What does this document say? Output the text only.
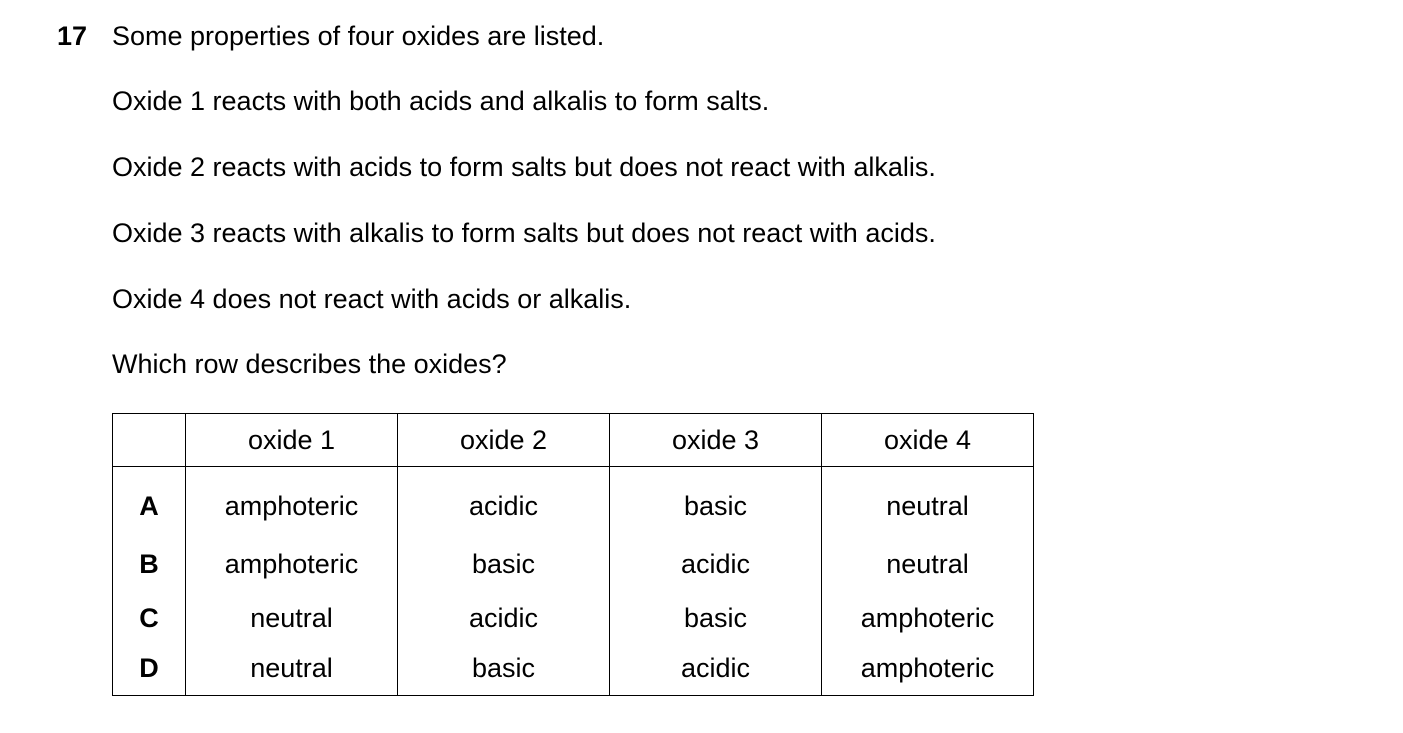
17 Some properties of four oxides are listed.
Oxide 1 reacts with both acids and alkalis to form salts.
Oxide 2 reacts with acids to form salts but does not react with alkalis.
Oxide 3 reacts with alkalis to form salts but does not react with acids.
Oxide 4 does not react with acids or alkalis.
Which row describes the oxides?
	oxide 1	oxide 2	oxide 3	oxide 4
A	amphoteric	acidic	basic	neutral
B	amphoteric	basic	acidic	neutral
C	neutral	acidic	basic	amphoteric
D	neutral	basic	acidic	amphoteric
